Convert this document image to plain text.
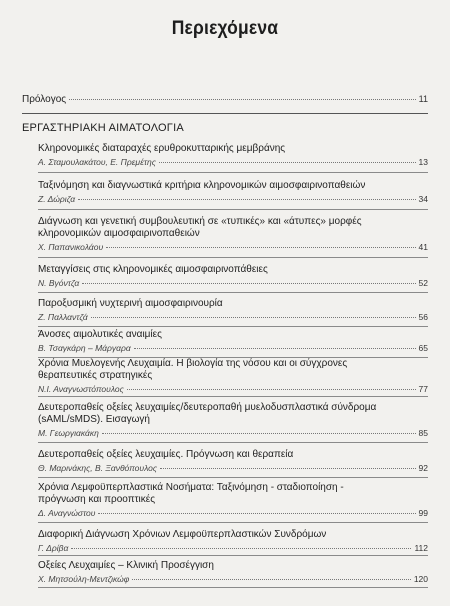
Περιεχόμενα
Πρόλογος	11
ΕΡΓΑΣΤΗΡΙΑΚΗ ΑΙΜΑΤΟΛΟΓΙΑ
Κληρονομικές διαταραχές ερυθροκυτταρικής μεμβράνης
Α. Σταμουλακάτου, Ε. Πρεμέτης	13
Ταξινόμηση και διαγνωστικά κριτήρια κληρονομικών αιμοσφαιρινοπαθειών
Ζ. Δώριζα	34
Διάγνωση και γενετική συμβουλευτική σε «τυπικές» και «άτυπες» μορφές κληρονομικών αιμοσφαιρινοπαθειών
Χ. Παπανικολάου	41
Μεταγγίσεις στις κληρονομικές αιμοσφαιρινοπάθειες
Ν. Βγόντζα	52
Παροξυσμική νυχτερινή αιμοσφαιρινουρία
Ζ. Παλλαντζά	56
Άνοσες αιμολυτικές αναιμίες
Β. Τσαγκάρη – Μάργαρα	65
Χρόνια Μυελογενής Λευχαιμία. Η βιολογία της νόσου και οι σύγχρονες θεραπευτικές στρατηγικές
Ν.Ι. Αναγνωστόπουλος	77
Δευτεροπαθείς οξείες λευχαιμίες/δευτεροπαθή μυελοδυσπλαστικά σύνδρομα (sAML/sMDS). Εισαγωγή
Μ. Γεωργιακάκη	85
Δευτεροπαθείς οξείες λευχαιμίες. Πρόγνωση και θεραπεία
Θ. Μαρινάκης, Β. Ξανθόπουλος	92
Χρόνια Λεμφοϋπερπλαστικά Νοσήματα: Ταξινόμηση - σταδιοποίηση - πρόγνωση και προοπτικές
Δ. Αναγνώστου	99
Διαφορική Διάγνωση Χρόνιων Λεμφοϋπερπλαστικών Συνδρόμων
Γ. Δρίβα	112
Οξείες Λευχαιμίες – Κλινική Προσέγγιση
Χ. Μητσούλη-Μεντζικώφ	120
